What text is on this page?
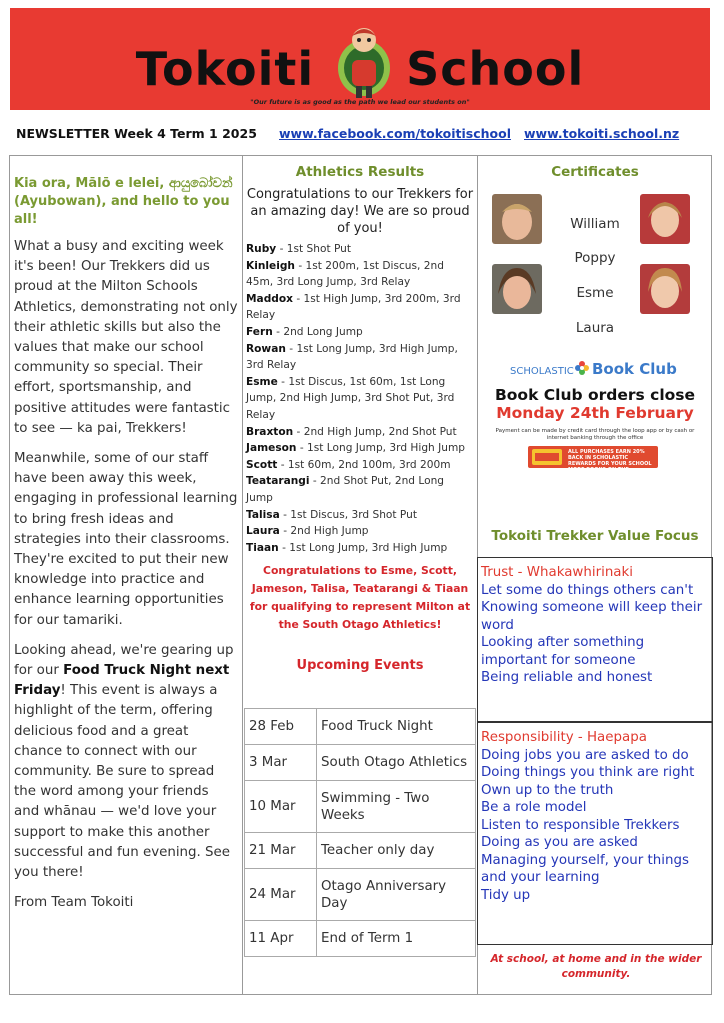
Tokoiti School
"Our future is as good as the path we lead our students on"
NEWSLETTER Week 4 Term 1 2025 www.facebook.com/tokoitischool www.tokoiti.school.nz
Kia ora, Mālō e lelei, ආයුබෝවන් (Ayubowan), and hello to you all!

What a busy and exciting week it's been! Our Trekkers did us proud at the Milton Schools Athletics, demonstrating not only their athletic skills but also the values that make our school community so special. Their effort, sportsmanship, and positive attitudes were fantastic to see — ka pai, Trekkers!

Meanwhile, some of our staff have been away this week, engaging in professional learning to bring fresh ideas and strategies into their classrooms. They're excited to put their new knowledge into practice and enhance learning opportunities for our tamariki.

Looking ahead, we're gearing up for our Food Truck Night next Friday! This event is always a highlight of the term, offering delicious food and a great chance to connect with our community. Be sure to spread the word among your friends and whānau — we'd love your support to make this another successful and fun evening. See you there!

From Team Tokoiti

Athletics Results
Congratulations to our Trekkers for an amazing day! We are so proud of you!
Ruby - 1st Shot Put
Kinleigh - 1st 200m, 1st Discus, 2nd 45m, 3rd Long Jump, 3rd Relay
Maddox - 1st High Jump, 3rd 200m, 3rd Relay
Fern - 2nd Long Jump
Rowan - 1st Long Jump, 3rd High Jump, 3rd Relay
Esme - 1st Discus, 1st 60m, 1st Long Jump, 2nd High Jump, 3rd Shot Put, 3rd Relay
Braxton - 2nd High Jump, 2nd Shot Put
Jameson - 1st Long Jump, 3rd High Jump
Scott - 1st 60m, 2nd 100m, 3rd 200m
Teatarangi - 2nd Shot Put, 2nd Long Jump
Talisa - 1st Discus, 3rd Shot Put
Laura - 2nd High Jump
Tiaan - 1st Long Jump, 3rd High Jump
Congratulations to Esme, Scott, Jameson, Talisa, Teatarangi & Tiaan for qualifying to represent Milton at the South Otago Athletics!
Upcoming Events
28 Feb	Food Truck Night
3 Mar	South Otago Athletics
10 Mar	Swimming - Two Weeks
21 Mar	Teacher only day
24 Mar	Otago Anniversary Day
11 Apr	End of Term 1
Certificates
William
Poppy
Esme
Laura
SCHOLASTIC Book Club
Book Club orders close
Monday 24th February
Payment can be made by credit card through the loop app or by cash or internet banking through the office
ALL PURCHASES EARN 20% BACK IN SCHOLASTIC REWARDS FOR YOUR SCHOOL MORE BOOKS ON THE SHELVES
Tokoiti Trekker Value Focus
Trust - Whakawhirinaki
Let some do things others can't
Knowing someone will keep their word
Looking after something important for someone
Being reliable and honest
Responsibility - Haepapa
Doing jobs you are asked to do
Doing things you think are right
Own up to the truth
Be a role model
Listen to responsible Trekkers
Doing as you are asked
Managing yourself, your things and your learning
Tidy up
At school, at home and in the wider community.
